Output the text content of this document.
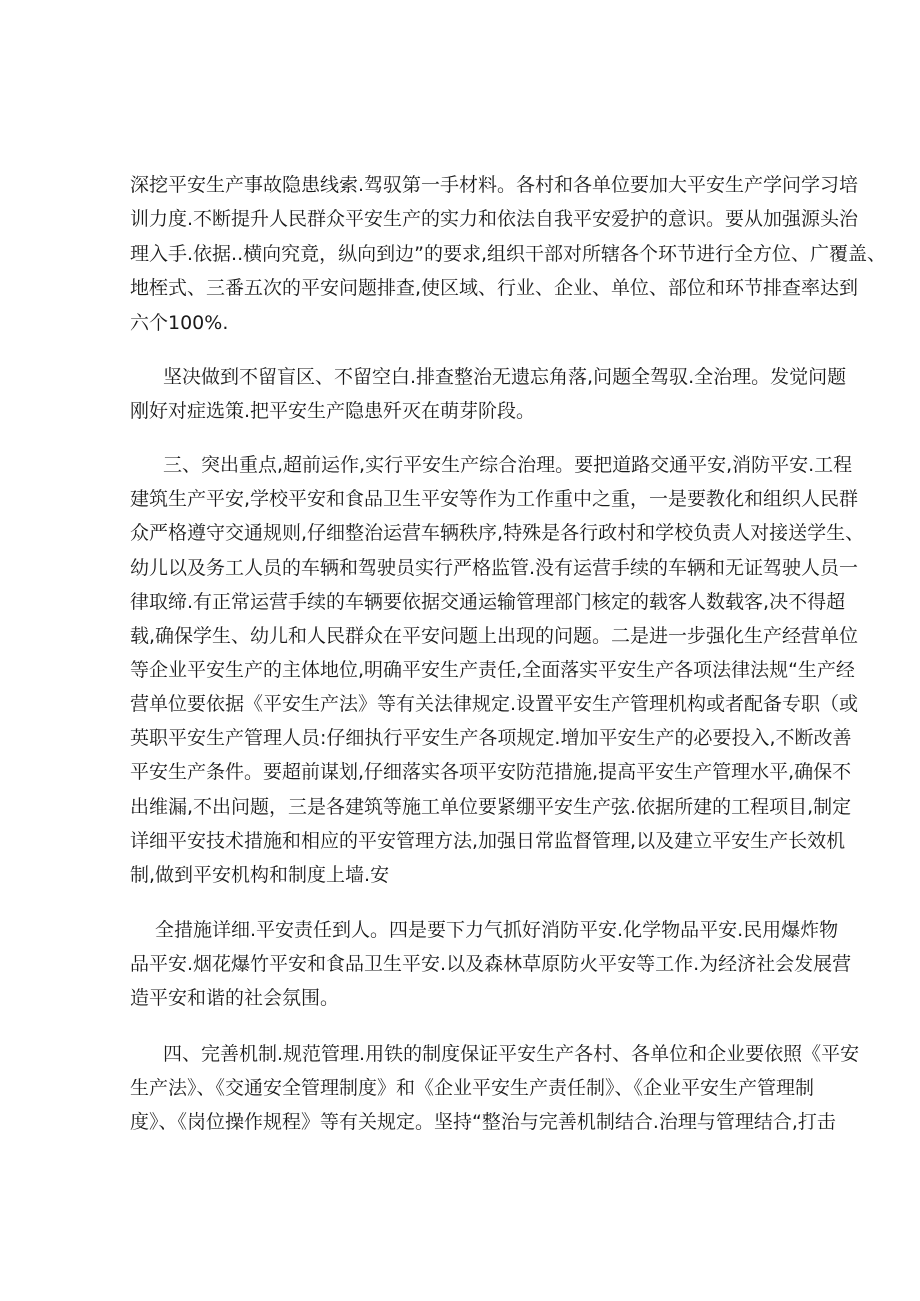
深挖平安生产事故隐患线索.驾驭第一手材料。各村和各单位要加大平安生产学问学习培
训力度.不断提升人民群众平安生产的实力和依法自我平安爱护的意识。要从加强源头治
理入手.依据..横向究竟，纵向到边”的要求,组织干部对所辖各个环节进行全方位、广覆盖、
地桎式、三番五次的平安问题排查,使区域、行业、企业、单位、部位和环节排查率达到
六个100%.
坚决做到不留盲区、不留空白.排查整治无遗忘角落,问题全驾驭.全治理。发觉问题
刚好对症选策.把平安生产隐患歼灭在萌芽阶段。
三、突出重点,超前运作,实行平安生产综合治理。要把道路交通平安,消防平安.工程
建筑生产平安,学校平安和食品卫生平安等作为工作重中之重，一是要教化和组织人民群
众严格遵守交通规则,仔细整治运营车辆秩序,特殊是各行政村和学校负责人对接送学生、
幼儿以及务工人员的车辆和驾驶员实行严格监管.没有运营手续的车辆和无证驾驶人员一
律取缔.有正常运营手续的车辆要依据交通运输管理部门核定的载客人数载客,决不得超
载,确保学生、幼儿和人民群众在平安问题上出现的问题。二是进一步强化生产经营单位
等企业平安生产的主体地位,明确平安生产责任,全面落实平安生产各项法律法规“生产经
营单位要依据《平安生产法》等有关法律规定.设置平安生产管理机构或者配备专职（或
英职平安生产管理人员:仔细执行平安生产各项规定.增加平安生产的必要投入,不断改善
平安生产条件。要超前谋划,仔细落实各项平安防范措施,提高平安生产管理水平,确保不
出维漏,不出问题，三是各建筑等施工单位要紧绷平安生产弦.依据所建的工程项目,制定
详细平安技术措施和相应的平安管理方法,加强日常监督管理,以及建立平安生产长效机
制,做到平安机构和制度上墙.安
全措施详细.平安责任到人。四是要下力气抓好消防平安.化学物品平安.民用爆炸物
品平安.烟花爆竹平安和食品卫生平安.以及森林草原防火平安等工作.为经济社会发展营
造平安和谐的社会氛围。
四、完善机制.规范管理.用铁的制度保证平安生产各村、各单位和企业要依照《平安
生产法》、《交通安全管理制度》和《企业平安生产责任制》、《企业平安生产管理制
度》、《岗位操作规程》等有关规定。坚持“整治与完善机制结合.治理与管理结合,打击
